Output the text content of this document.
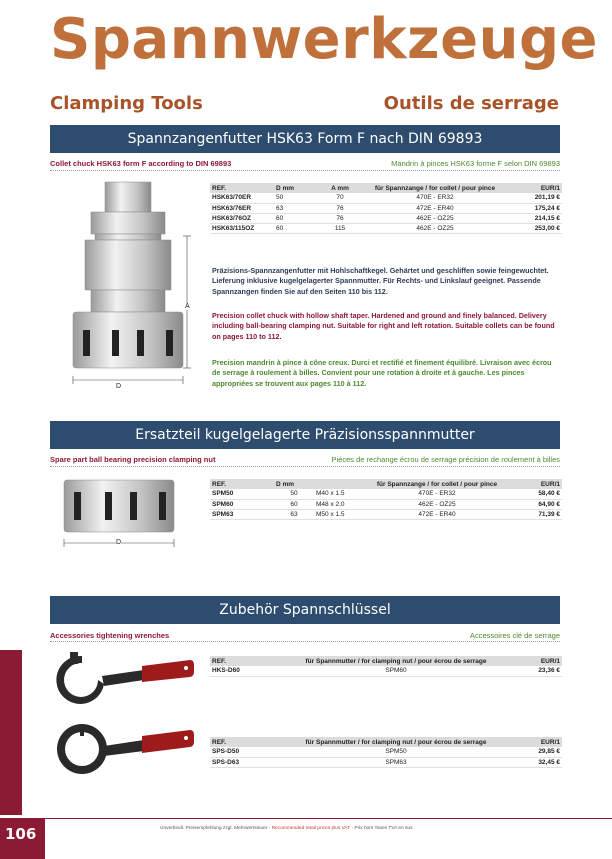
Spannwerkzeuge
Clamping Tools	Outils de serrage
Spannzangenfutter HSK63 Form F nach DIN 69893
Collet chuck HSK63 form F according to DIN 69893	Mandrin à pinces HSK63 forme F selon DIN 69893
A
D
REF.	D mm	A mm	für Spannzange / for collet / pour pince	EUR/1
HSK63/70ER	50	70	470E - ER32	201,19 €
HSK63/76ER	63	76	472E - ER40	175,24 €
HSK63/76OZ	60	76	462E - OZ25	214,15 €
HSK63/115OZ	60	115	462E - OZ25	253,00 €
Präzisions-Spannzangenfutter mit Hohlschaftkegel. Gehärtet und geschliffen sowie feingewuchtet. Lieferung inklusive kugelgelagerter Spannmutter. Für Rechts- und Linkslauf geeignet. Passende Spannzangen finden Sie auf den Seiten 110 bis 112.
Precision collet chuck with hollow shaft taper. Hardened and ground and finely balanced. Delivery including ball-bearing clamping nut. Suitable for right and left rotation. Suitable collets can be found on pages 110 to 112.
Precision mandrin à pince à cône creux. Durci et rectifié et finement équilibré. Livraison avec écrou de serrage à roulement à billes. Convient pour une rotation à droite et à gauche. Les pinces appropriées se trouvent aux pages 110 à 112.
Ersatzteil kugelgelagerte Präzisionsspannmutter
Spare part ball bearing precision clamping nut	Pièces de rechange écrou de serrage précision de roulement à billes
D
REF.	D mm		für Spannzange / for collet / pour pince	EUR/1
SPM50	50	M40 x 1.5	470E - ER32	58,40 €
SPM60	60	M48 x 2.0	462E - OZ25	64,90 €
SPM63	63	M50 x 1.5	472E - ER40	71,39 €
Zubehör Spannschlüssel
Accessories tightening wrenches	Accessoires clé de serrage
REF.	für Spannmutter / for clamping nut / pour écrou de serrage	EUR/1
HKS-D60	SPM60	23,36 €
REF.	für Spannmutter / for clamping nut / pour écrou de serrage	EUR/1
SPS-D50	SPM50	29,85 €
SPS-D63	SPM63	32,45 €
106	Unverbindl. Preisempfehlung zzgl. Mehrwertsteuer - Recommended retail prices plus VAT - Prix hors Taxes TVA en sus
